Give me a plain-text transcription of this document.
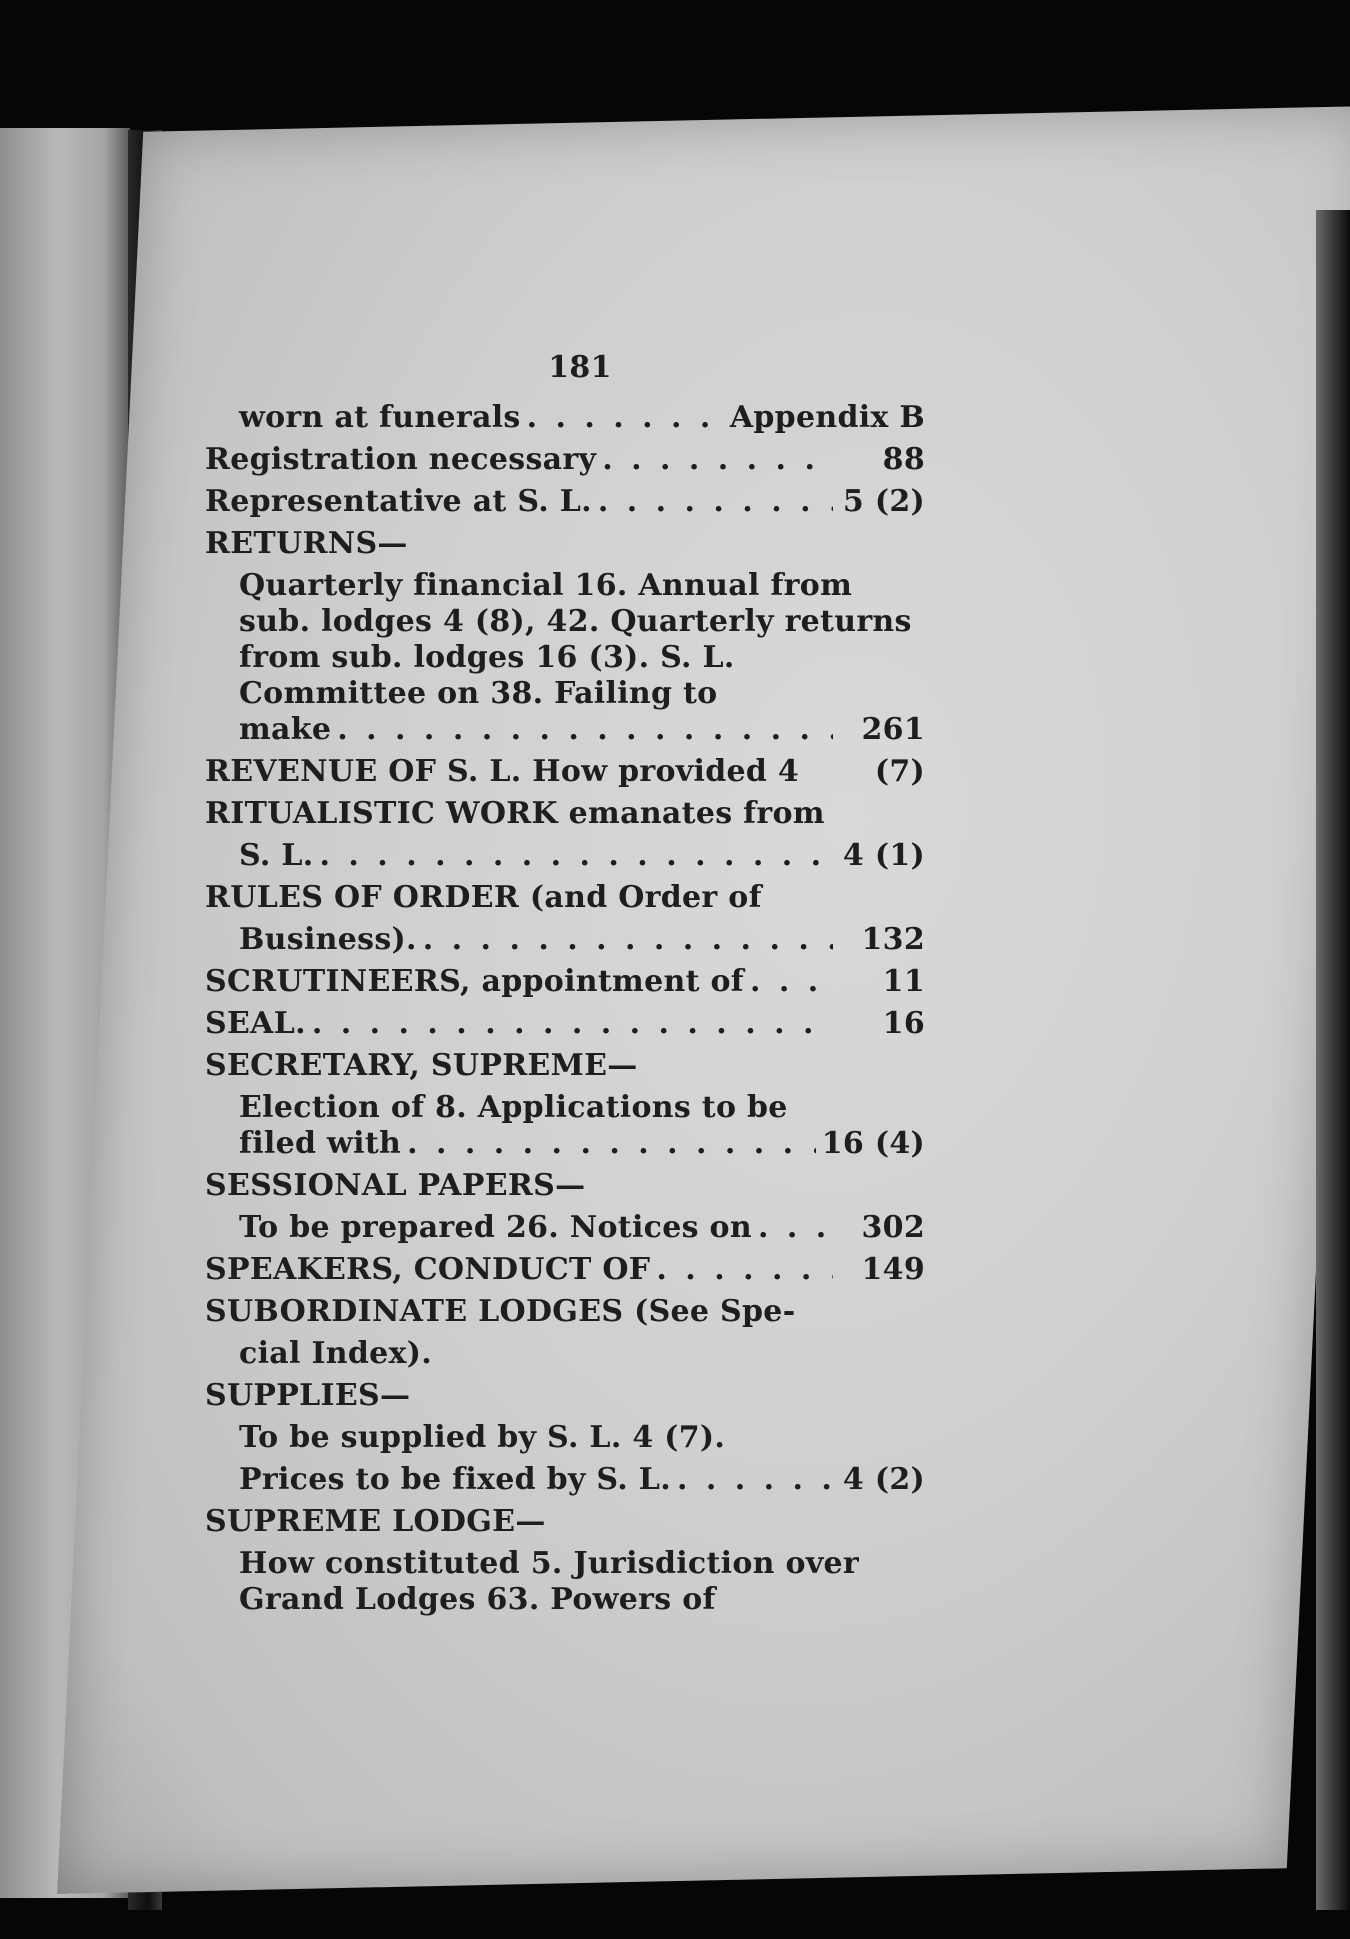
181
worn at funerals . . .	Appendix B
Registration necessary . . .	88
Representative at S. L. . . .	5 (2)
RETURNS—
Quarterly financial 16. Annual from sub. lodges 4 (8), 42. Quarterly returns from sub. lodges 16 (3). S. L. Committee on 38. Failing to
make . . .	261
REVENUE OF S. L. How provided 4	(7)
RITUALISTIC WORK emanates from
S. L. . . .	4 (1)
RULES OF ORDER (and Order of
Business). . . .	132
SCRUTINEERS, appointment of . . .	11
SEAL. . . .	16
SECRETARY, SUPREME—
Election of 8. Applications to be
filed with . . .	16 (4)
SESSIONAL PAPERS—
To be prepared 26. Notices on . . .	302
SPEAKERS, CONDUCT OF . . .	149
SUBORDINATE LODGES (See Spe-
cial Index).
SUPPLIES—
To be supplied by S. L. 4 (7).
Prices to be fixed by S. L. . . .	4 (2)
SUPREME LODGE—
How constituted 5. Jurisdiction over Grand Lodges 63. Powers of
